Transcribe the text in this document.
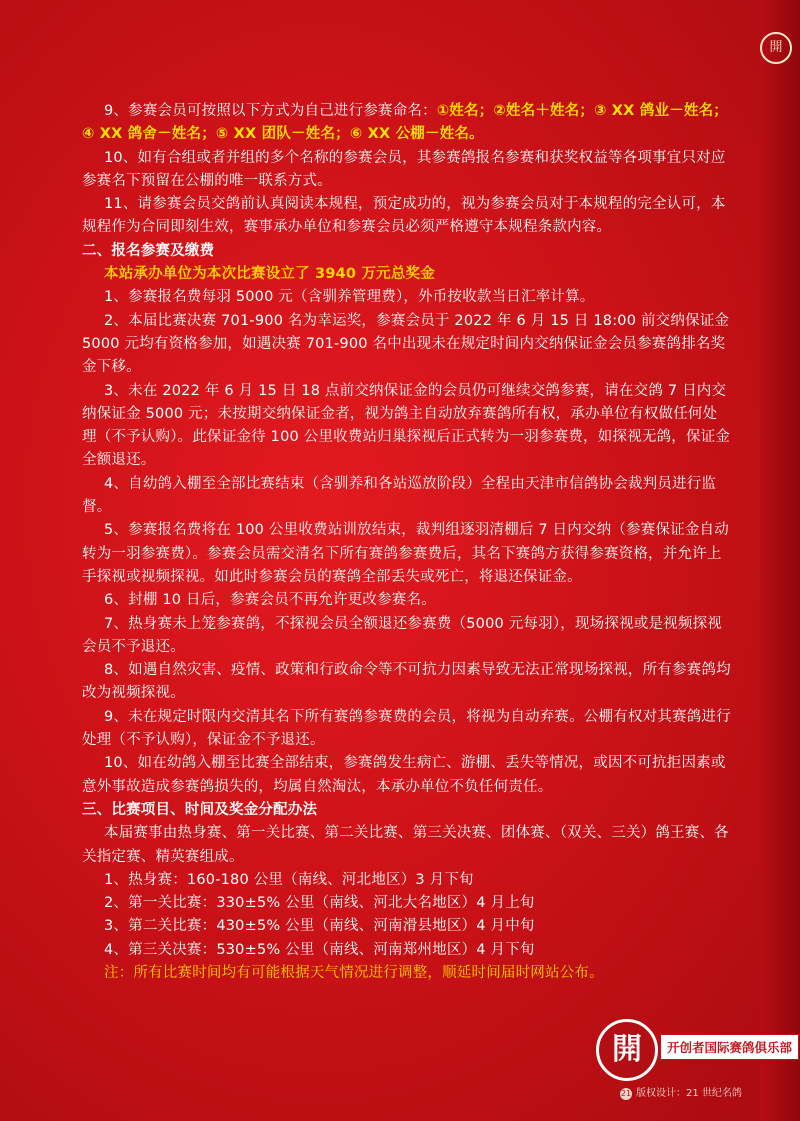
開

9、参赛会员可按照以下方式为自己进行参赛命名：①姓名；②姓名＋姓名；③ XX 鸽业－姓名；④ XX 鸽舍－姓名；⑤ XX 团队－姓名；⑥ XX 公棚－姓名。

10、如有合组或者并组的多个名称的参赛会员，其参赛鸽报名参赛和获奖权益等各项事宜只对应参赛名下预留在公棚的唯一联系方式。

11、请参赛会员交鸽前认真阅读本规程，预定成功的，视为参赛会员对于本规程的完全认可，本规程作为合同即刻生效，赛事承办单位和参赛会员必须严格遵守本规程条款内容。

二、报名参赛及缴费

本站承办单位为本次比赛设立了 3940 万元总奖金

1、参赛报名费每羽 5000 元（含驯养管理费），外币按收款当日汇率计算。

2、本届比赛决赛 701-900 名为幸运奖，参赛会员于 2022 年 6 月 15 日 18:00 前交纳保证金 5000 元均有资格参加，如遇决赛 701-900 名中出现未在规定时间内交纳保证金会员参赛鸽排名奖金下移。

3、未在 2022 年 6 月 15 日 18 点前交纳保证金的会员仍可继续交鸽参赛，请在交鸽 7 日内交纳保证金 5000 元；未按期交纳保证金者，视为鸽主自动放弃赛鸽所有权，承办单位有权做任何处理（不予认购）。此保证金待 100 公里收费站归巢探视后正式转为一羽参赛费，如探视无鸽，保证金全额退还。

4、自幼鸽入棚至全部比赛结束（含驯养和各站巡放阶段）全程由天津市信鸽协会裁判员进行监督。

5、参赛报名费将在 100 公里收费站训放结束，裁判组逐羽清棚后 7 日内交纳（参赛保证金自动转为一羽参赛费）。参赛会员需交清名下所有赛鸽参赛费后，其名下赛鸽方获得参赛资格，并允许上手探视或视频探视。如此时参赛会员的赛鸽全部丢失或死亡，将退还保证金。

6、封棚 10 日后，参赛会员不再允许更改参赛名。

7、热身赛未上笼参赛鸽，不探视会员全额退还参赛费（5000 元每羽），现场探视或是视频探视会员不予退还。

8、如遇自然灾害、疫情、政策和行政命令等不可抗力因素导致无法正常现场探视，所有参赛鸽均改为视频探视。

9、未在规定时限内交清其名下所有赛鸽参赛费的会员，将视为自动弃赛。公棚有权对其赛鸽进行处理（不予认购），保证金不予退还。

10、如在幼鸽入棚至比赛全部结束，参赛鸽发生病亡、游棚、丢失等情况，或因不可抗拒因素或意外事故造成参赛鸽损失的，均属自然淘汰，本承办单位不负任何责任。

三、比赛项目、时间及奖金分配办法

本届赛事由热身赛、第一关比赛、第二关比赛、第三关决赛、团体赛、（双关、三关）鸽王赛、各关指定赛、精英赛组成。

1、热身赛：160-180 公里（南线、河北地区）3 月下旬

2、第一关比赛：330±5% 公里（南线、河北大名地区）4 月上旬

3、第二关比赛：430±5% 公里（南线、河南滑县地区）4 月中旬

4、第三关决赛：530±5% 公里（南线、河南郑州地区）4 月下旬

注：所有比赛时间均有可能根据天气情况进行调整，顺延时间届时网站公布。

開	开创者国际赛鸽俱乐部
21 版权设计：21 世纪名鸽
